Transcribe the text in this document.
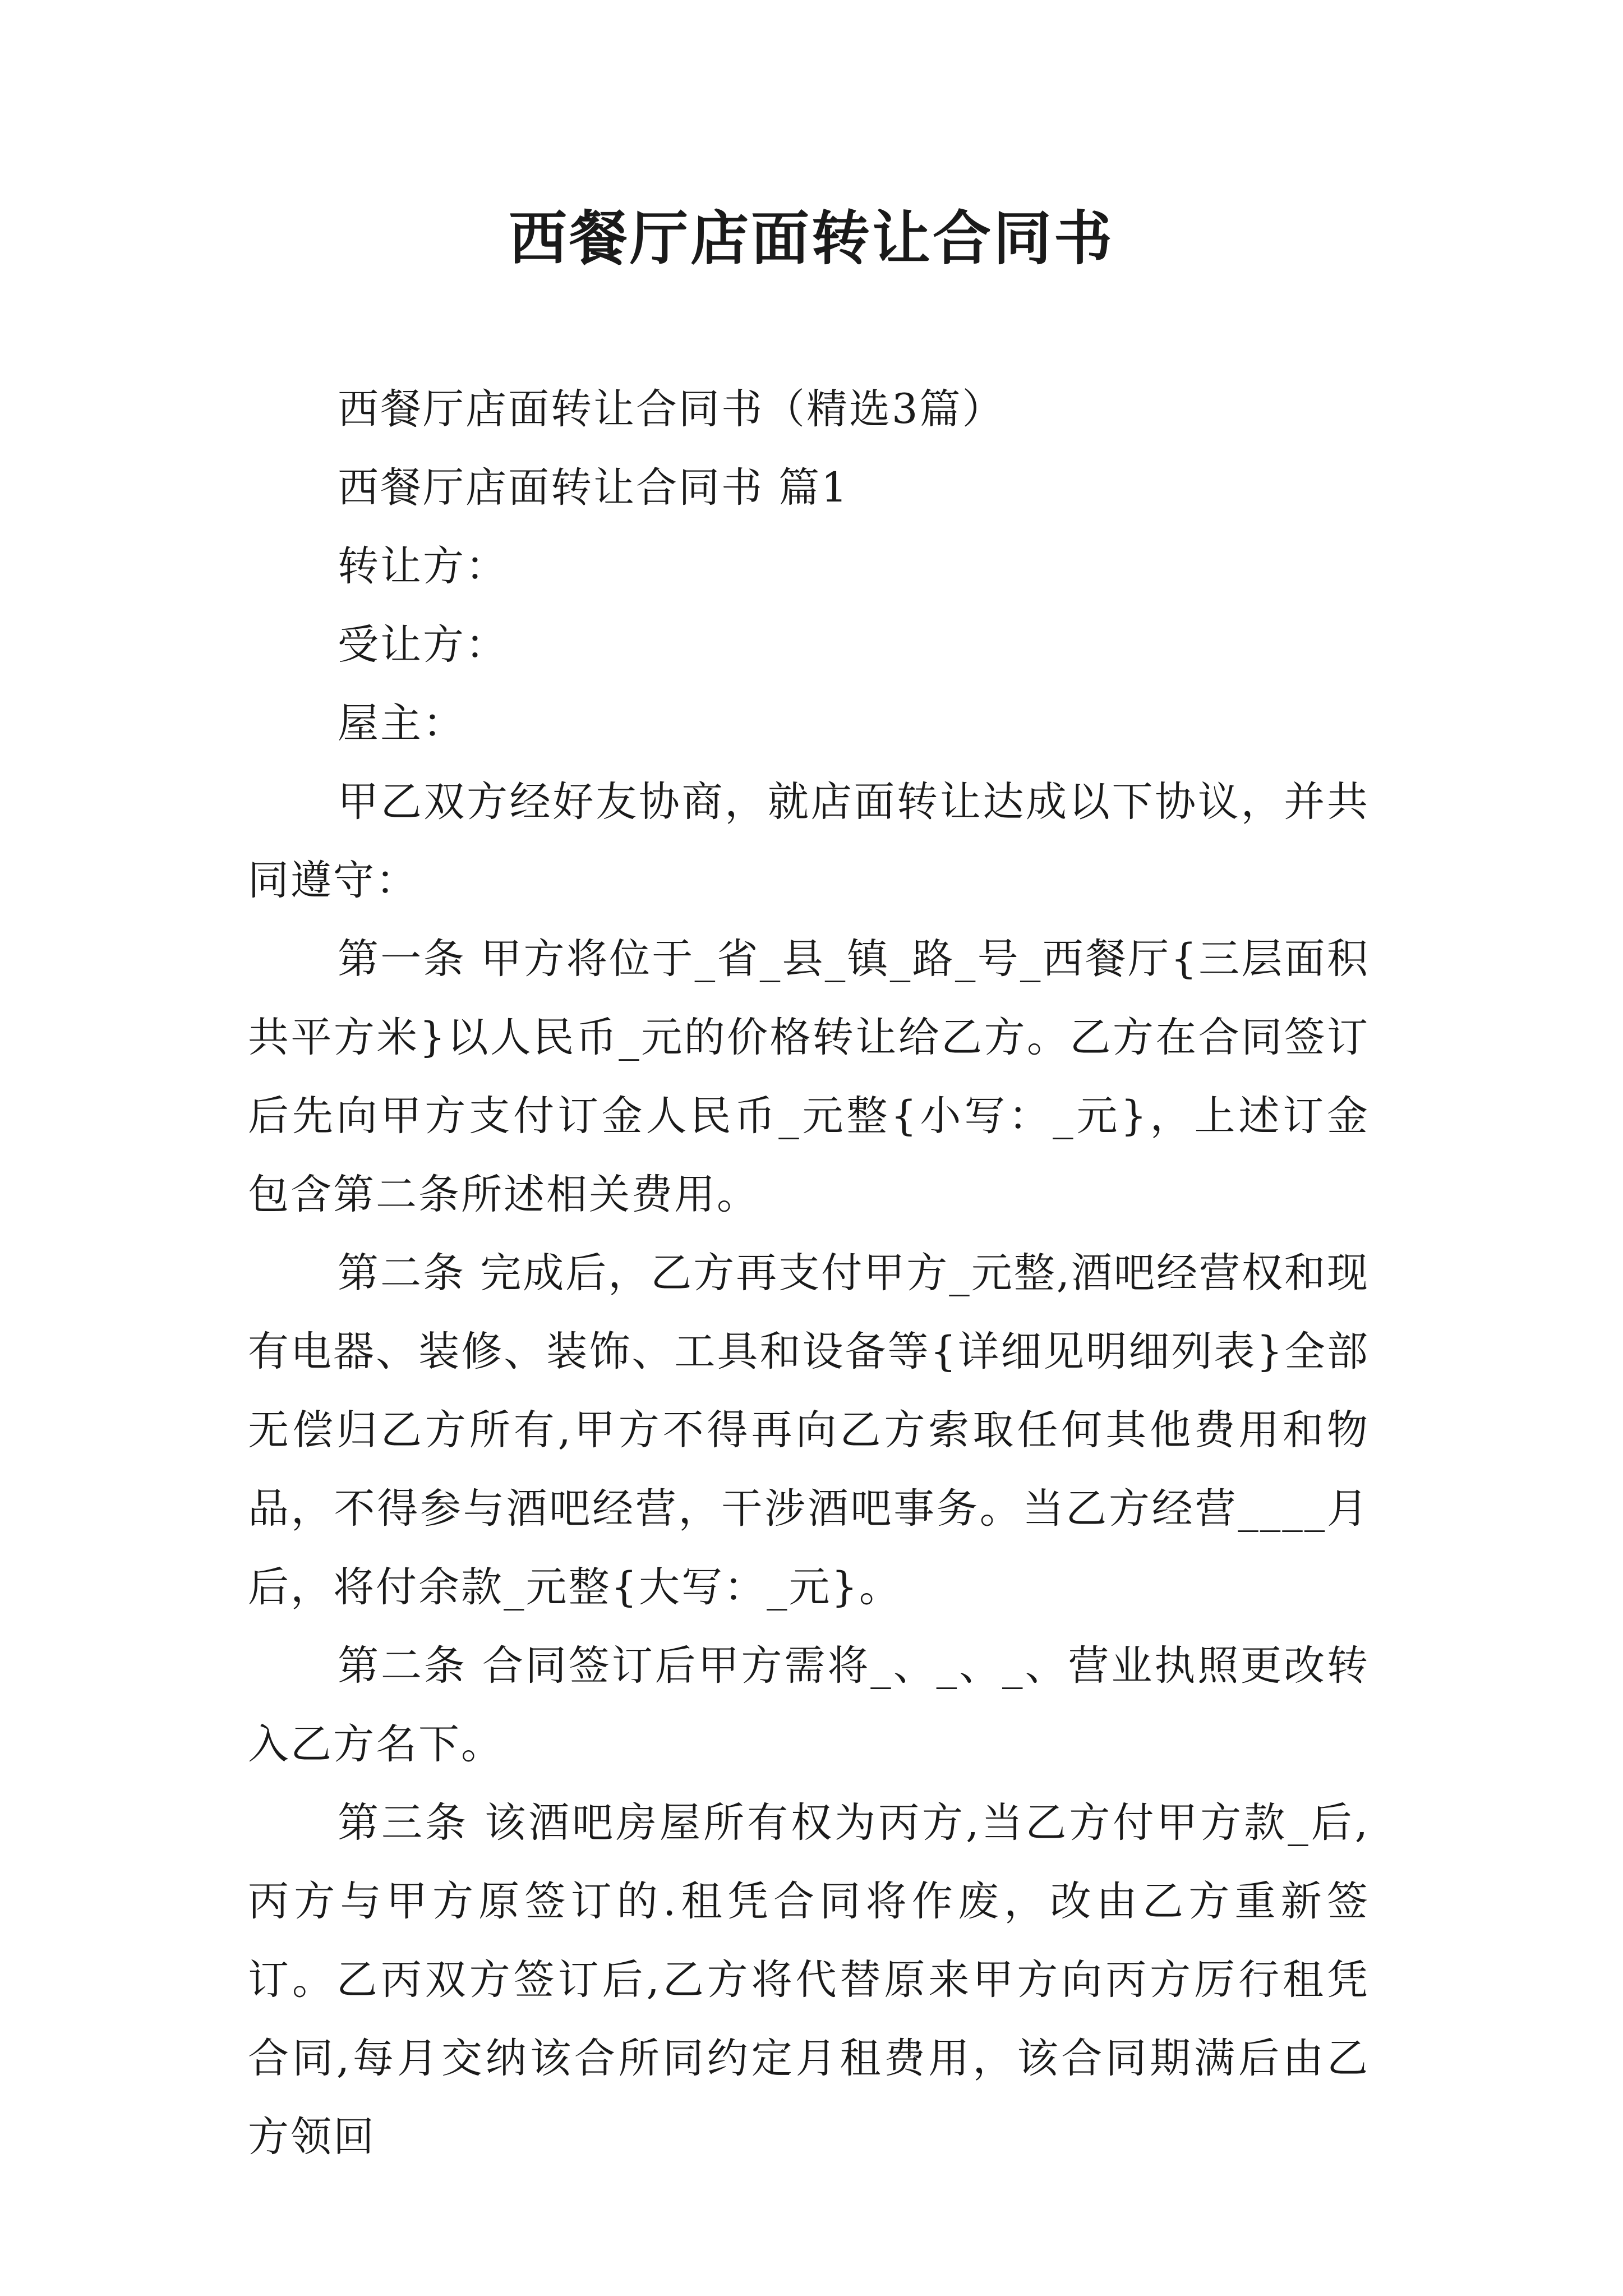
西餐厅店面转让合同书

西餐厅店面转让合同书（精选3篇）

西餐厅店面转让合同书 篇1

转让方：

受让方：

屋主：

甲乙双方经好友协商，就店面转让达成以下协议，并共同遵守：

第一条 甲方将位于_省_县_镇_路_号_西餐厅{三层面积共平方米}以人民币_元的价格转让给乙方。乙方在合同签订后先向甲方支付订金人民币_元整{小写：_元}，上述订金包含第二条所述相关费用。

第二条 完成后，乙方再支付甲方_元整,酒吧经营权和现有电器、装修、装饰、工具和设备等{详细见明细列表}全部无偿归乙方所有,甲方不得再向乙方索取任何其他费用和物品，不得参与酒吧经营，干涉酒吧事务。当乙方经营____月后，将付余款_元整{大写：_元}。

第二条 合同签订后甲方需将_、_、_、营业执照更改转入乙方名下。

第三条 该酒吧房屋所有权为丙方,当乙方付甲方款_后,丙方与甲方原签订的.租凭合同将作废，改由乙方重新签订。乙丙双方签订后,乙方将代替原来甲方向丙方厉行租凭合同,每月交纳该合所同约定月租费用，该合同期满后由乙方领回
